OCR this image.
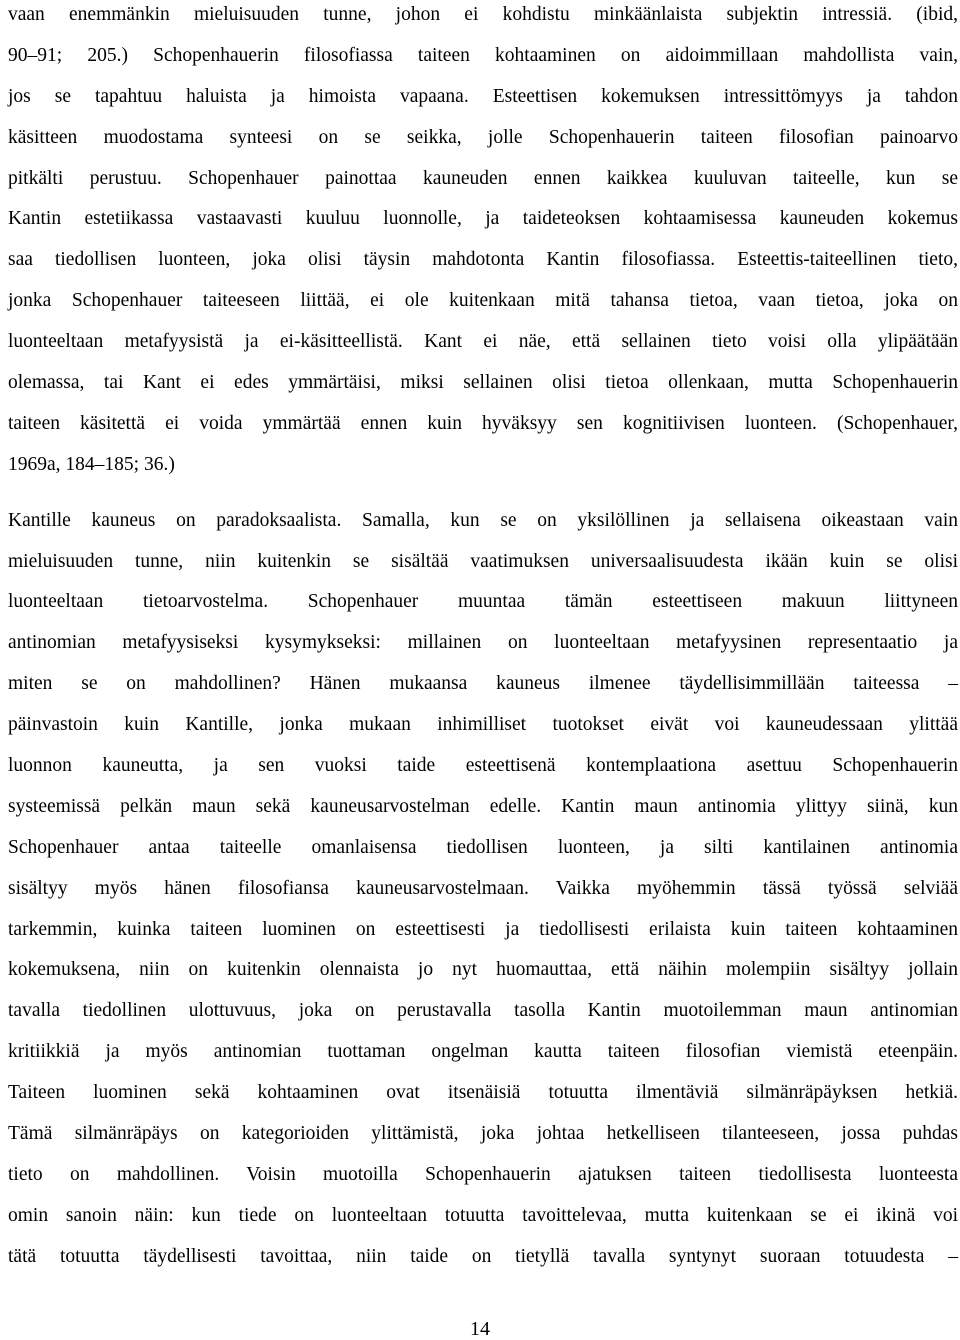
vaan enemmänkin mieluisuuden tunne, johon ei kohdistu minkäänlaista subjektin intressiä. (ibid,
90–91; 205.) Schopenhauerin filosofiassa taiteen kohtaaminen on aidoimmillaan mahdollista vain,
jos se tapahtuu haluista ja himoista vapaana. Esteettisen kokemuksen intressittömyys ja tahdon
käsitteen muodostama synteesi on se seikka, jolle Schopenhauerin taiteen filosofian painoarvo
pitkälti perustuu. Schopenhauer painottaa kauneuden ennen kaikkea kuuluvan taiteelle, kun se
Kantin estetiikassa vastaavasti kuuluu luonnolle, ja taideteoksen kohtaamisessa kauneuden kokemus
saa tiedollisen luonteen, joka olisi täysin mahdotonta Kantin filosofiassa. Esteettis-taiteellinen tieto,
jonka Schopenhauer taiteeseen liittää, ei ole kuitenkaan mitä tahansa tietoa, vaan tietoa, joka on
luonteeltaan metafyysistä ja ei-käsitteellistä. Kant ei näe, että sellainen tieto voisi olla ylipäätään
olemassa, tai Kant ei edes ymmärtäisi, miksi sellainen olisi tietoa ollenkaan, mutta Schopenhauerin
taiteen käsitettä ei voida ymmärtää ennen kuin hyväksyy sen kognitiivisen luonteen. (Schopenhauer,
1969a, 184–185; 36.)
Kantille kauneus on paradoksaalista. Samalla, kun se on yksilöllinen ja sellaisena oikeastaan vain
mieluisuuden tunne, niin kuitenkin se sisältää vaatimuksen universaalisuudesta ikään kuin se olisi
luonteeltaan tietoarvostelma. Schopenhauer muuntaa tämän esteettiseen makuun liittyneen
antinomian metafyysiseksi kysymykseksi: millainen on luonteeltaan metafyysinen representaatio ja
miten se on mahdollinen? Hänen mukaansa kauneus ilmenee täydellisimmillään taiteessa –
päinvastoin kuin Kantille, jonka mukaan inhimilliset tuotokset eivät voi kauneudessaan ylittää
luonnon kauneutta, ja sen vuoksi taide esteettisenä kontemplaationa asettuu Schopenhauerin
systeemissä pelkän maun sekä kauneusarvostelman edelle. Kantin maun antinomia ylittyy siinä, kun
Schopenhauer antaa taiteelle omanlaisensa tiedollisen luonteen, ja silti kantilainen antinomia
sisältyy myös hänen filosofiansa kauneusarvostelmaan. Vaikka myöhemmin tässä työssä selviää
tarkemmin, kuinka taiteen luominen on esteettisesti ja tiedollisesti erilaista kuin taiteen kohtaaminen
kokemuksena, niin on kuitenkin olennaista jo nyt huomauttaa, että näihin molempiin sisältyy jollain
tavalla tiedollinen ulottuvuus, joka on perustavalla tasolla Kantin muotoilemman maun antinomian
kritiikkiä ja myös antinomian tuottaman ongelman kautta taiteen filosofian viemistä eteenpäin.
Taiteen luominen sekä kohtaaminen ovat itsenäisiä totuutta ilmentäviä silmänräpäyksen hetkiä.
Tämä silmänräpäys on kategorioiden ylittämistä, joka johtaa hetkelliseen tilanteeseen, jossa puhdas
tieto on mahdollinen. Voisin muotoilla Schopenhauerin ajatuksen taiteen tiedollisesta luonteesta
omin sanoin näin: kun tiede on luonteeltaan totuutta tavoittelevaa, mutta kuitenkaan se ei ikinä voi
tätä totuutta täydellisesti tavoittaa, niin taide on tietyllä tavalla syntynyt suoraan totuudesta –
14
